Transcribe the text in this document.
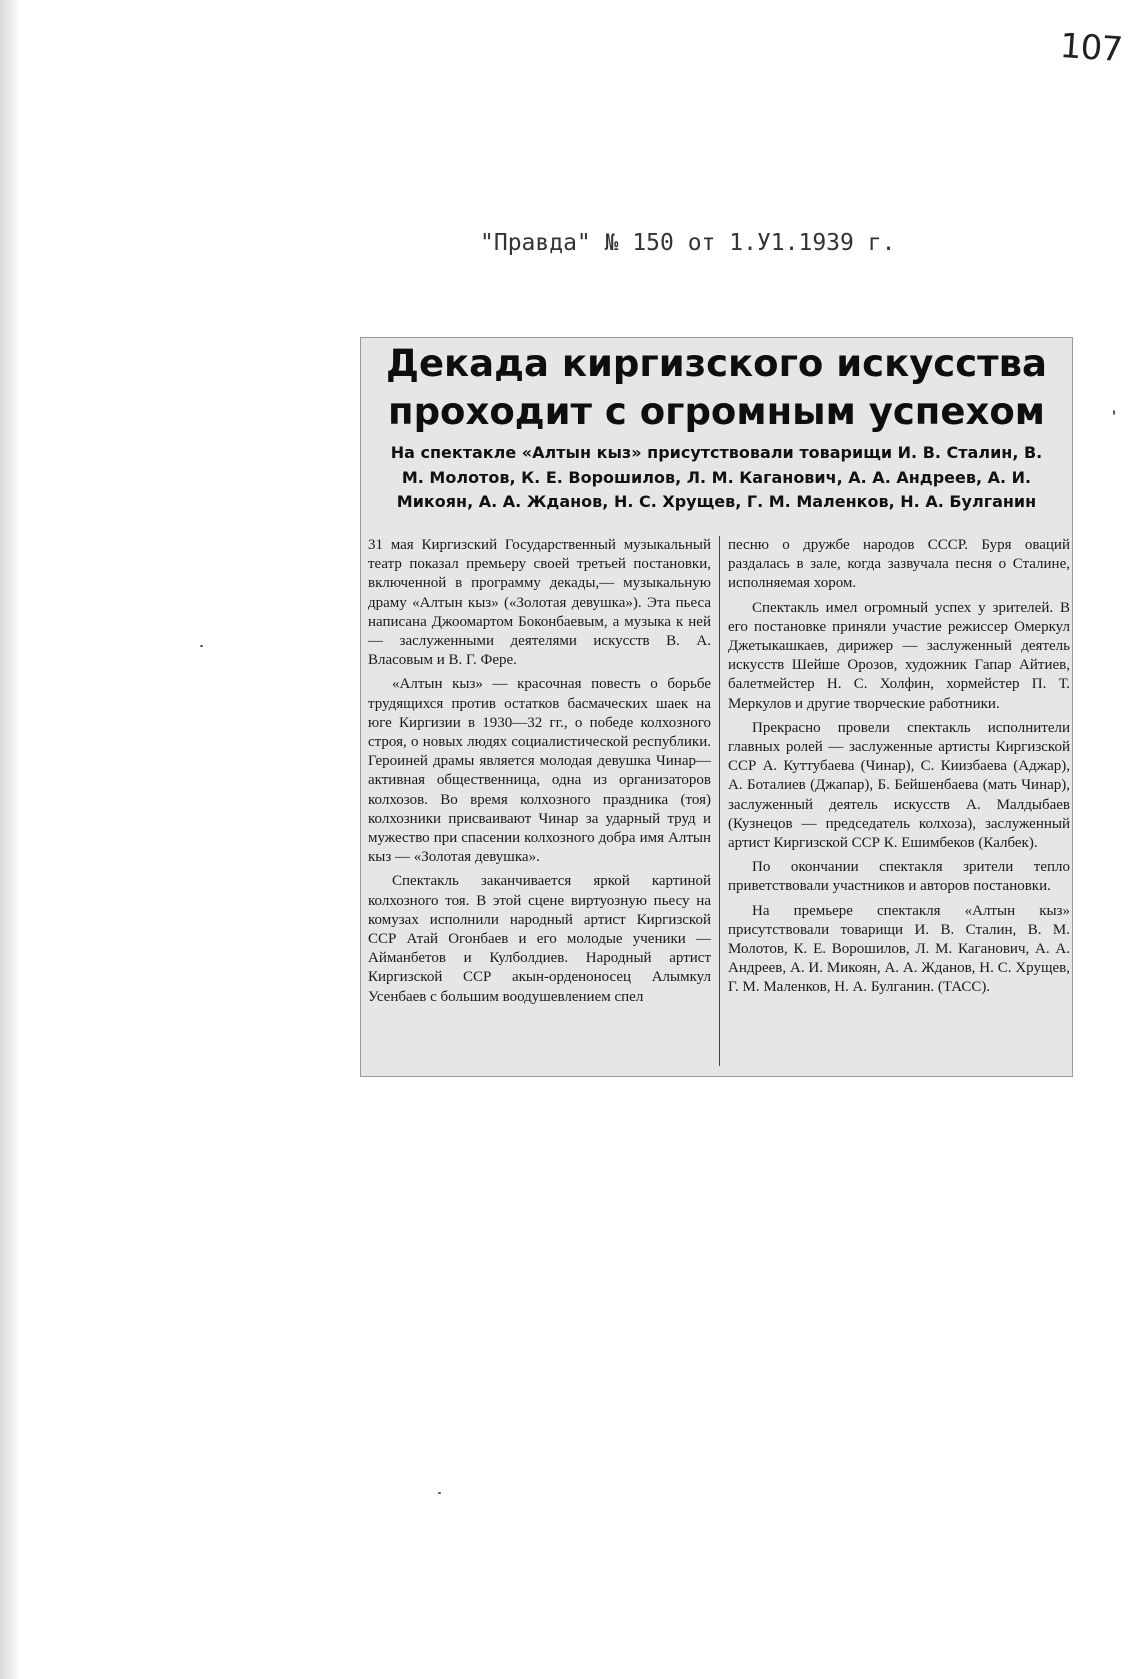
107
"Правда" № 150 от 1.У1.1939 г.
Декада киргизского искусства
проходит с огромным успехом
На спектакле «Алтын кыз» присутствовали товарищи И. В. Сталин, В. М. Молотов, К. Е. Ворошилов, Л. М. Каганович, А. А. Андреев, А. И. Микоян, А. А. Жданов, Н. С. Хрущев, Г. М. Маленков, Н. А. Булганин

31 мая Киргизский Государственный музыкальный театр показал премьеру своей третьей постановки, включенной в программу декады,— музыкальную драму «Алтын кыз» («Золотая девушка»). Эта пьеса написана Джоомартом Боконбаевым, а музыка к ней — заслуженными деятелями искусств В. А. Власовым и В. Г. Фере.

«Алтын кыз» — красочная повесть о борьбе трудящихся против остатков басмаческих шаек на юге Киргизии в 1930—32 гг., о победе колхозного строя, о новых людях социалистической республики. Героиней драмы является молодая девушка Чинар—активная общественница, одна из организаторов колхозов. Во время колхозного праздника (тоя) колхозники присваивают Чинар за ударный труд и мужество при спасении колхозного добра имя Алтын кыз — «Золотая девушка».

Спектакль заканчивается яркой картиной колхозного тоя. В этой сцене виртуозную пьесу на комузах исполнили народный артист Киргизской ССР Атай Огонбаев и его молодые ученики — Айманбетов и Кулболдиев. Народный артист Киргизской ССР акын-орденоносец Алымкул Усенбаев с большим воодушевлением спел

песню о дружбе народов СССР. Буря оваций раздалась в зале, когда зазвучала песня о Сталине, исполняемая хором.

Спектакль имел огромный успех у зрителей. В его постановке приняли участие режиссер Омеркул Джетыкашкаев, дирижер — заслуженный деятель искусств Шейше Орозов, художник Гапар Айтиев, балетмейстер Н. С. Холфин, хормейстер П. Т. Меркулов и другие творческие работники.

Прекрасно провели спектакль исполнители главных ролей — заслуженные артисты Киргизской ССР А. Куттубаева (Чинар), С. Киизбаева (Аджар), А. Боталиев (Джапар), Б. Бейшенбаева (мать Чинар), заслуженный деятель искусств А. Малдыбаев (Кузнецов — председатель колхоза), заслуженный артист Киргизской ССР К. Ешимбеков (Калбек).

По окончании спектакля зрители тепло приветствовали участников и авторов постановки.

На премьере спектакля «Алтын кыз» присутствовали товарищи И. В. Сталин, В. М. Молотов, К. Е. Ворошилов, Л. М. Каганович, А. А. Андреев, А. И. Микоян, А. А. Жданов, Н. С. Хрущев, Г. М. Маленков, Н. А. Булганин. (ТАСС).
